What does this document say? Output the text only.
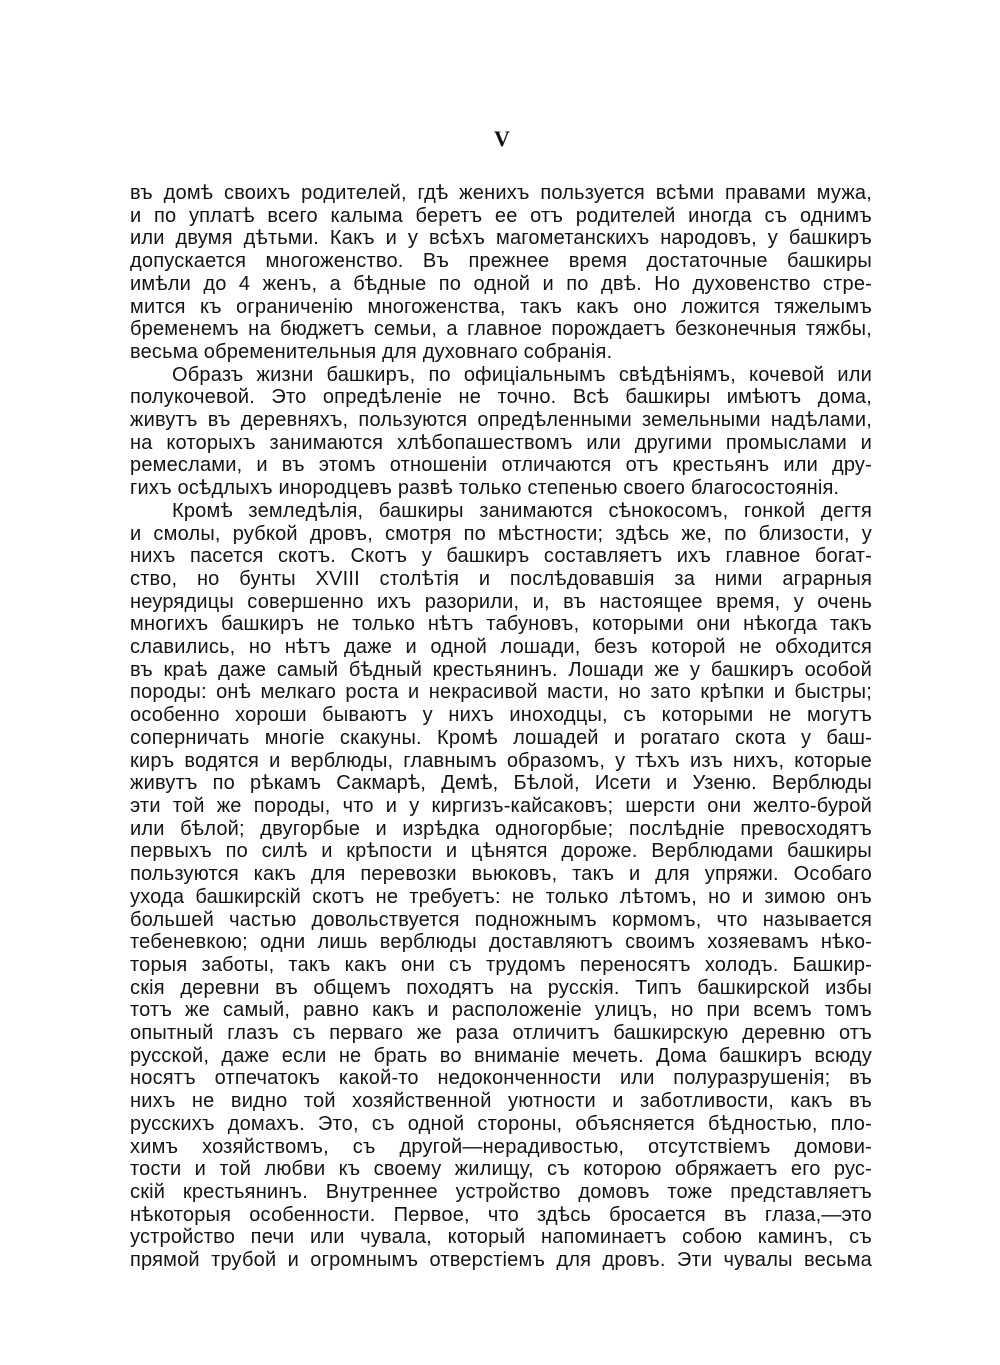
V
въ домѣ своихъ родителей, гдѣ женихъ пользуется всѣми правами мужа,
и по уплатѣ всего калыма беретъ ее отъ родителей иногда съ однимъ
или двумя дѣтьми. Какъ и у всѣхъ магометанскихъ народовъ, у башкиръ
допускается многоженство. Въ прежнее время достаточные башкиры
имѣли до 4 женъ, а бѣдные по одной и по двѣ. Но духовенство стре-
мится къ ограниченію многоженства, такъ какъ оно ложится тяжелымъ
бременемъ на бюджетъ семьи, а главное порождаетъ безконечныя тяжбы,
весьма обременительныя для духовнаго собранія.
Образъ жизни башкиръ, по офиціальнымъ свѣдѣніямъ, кочевой или
полукочевой. Это опредѣленіе не точно. Всѣ башкиры имѣютъ дома,
живутъ въ деревняхъ, пользуются опредѣленными земельными надѣлами,
на которыхъ занимаются хлѣбопашествомъ или другими промыслами и
ремеслами, и въ этомъ отношеніи отличаются отъ крестьянъ или дру-
гихъ осѣдлыхъ инородцевъ развѣ только степенью своего благосостоянія.
Кромѣ земледѣлія, башкиры занимаются сѣнокосомъ, гонкой дегтя
и смолы, рубкой дровъ, смотря по мѣстности; здѣсь же, по близости, у
нихъ пасется скотъ. Скотъ у башкиръ составляетъ ихъ главное богат-
ство, но бунты XVIII столѣтія и послѣдовавшія за ними аграрныя
неурядицы совершенно ихъ разорили, и, въ настоящее время, у очень
многихъ башкиръ не только нѣтъ табуновъ, которыми они нѣкогда такъ
славились, но нѣтъ даже и одной лошади, безъ которой не обходится
въ краѣ даже самый бѣдный крестьянинъ. Лошади же у башкиръ особой
породы: онѣ мелкаго роста и некрасивой масти, но зато крѣпки и быстры;
особенно хороши бываютъ у нихъ иноходцы, съ которыми не могутъ
соперничать многіе скакуны. Кромѣ лошадей и рогатаго скота у баш-
киръ водятся и верблюды, главнымъ образомъ, у тѣхъ изъ нихъ, которые
живутъ по рѣкамъ Сакмарѣ, Демѣ, Бѣлой, Исети и Узеню. Верблюды
эти той же породы, что и у киргизъ-кайсаковъ; шерсти они желто-бурой
или бѣлой; двугорбые и изрѣдка одногорбые; послѣдніе превосходятъ
первыхъ по силѣ и крѣпости и цѣнятся дороже. Верблюдами башкиры
пользуются какъ для перевозки вьюковъ, такъ и для упряжи. Особаго
ухода башкирскій скотъ не требуетъ: не только лѣтомъ, но и зимою онъ
большей частью довольствуется подножнымъ кормомъ, что называется
тебеневкою; одни лишь верблюды доставляютъ своимъ хозяевамъ нѣко-
торыя заботы, такъ какъ они съ трудомъ переносятъ холодъ. Башкир-
скія деревни въ общемъ походятъ на русскія. Типъ башкирской избы
тотъ же самый, равно какъ и расположеніе улицъ, но при всемъ томъ
опытный глазъ съ перваго же раза отличитъ башкирскую деревню отъ
русской, даже если не брать во вниманіе мечеть. Дома башкиръ всюду
носятъ отпечатокъ какой-то недоконченности или полуразрушенія; въ
нихъ не видно той хозяйственной уютности и заботливости, какъ въ
русскихъ домахъ. Это, съ одной стороны, объясняется бѣдностью, пло-
химъ хозяйствомъ, съ другой—нерадивостью, отсутствіемъ домови-
тости и той любви къ своему жилищу, съ которою обряжаетъ его рус-
скій крестьянинъ. Внутреннее устройство домовъ тоже представляетъ
нѣкоторыя особенности. Первое, что здѣсь бросается въ глаза,—это
устройство печи или чувала, который напоминаетъ собою каминъ, съ
прямой трубой и огромнымъ отверстіемъ для дровъ. Эти чувалы весьма
